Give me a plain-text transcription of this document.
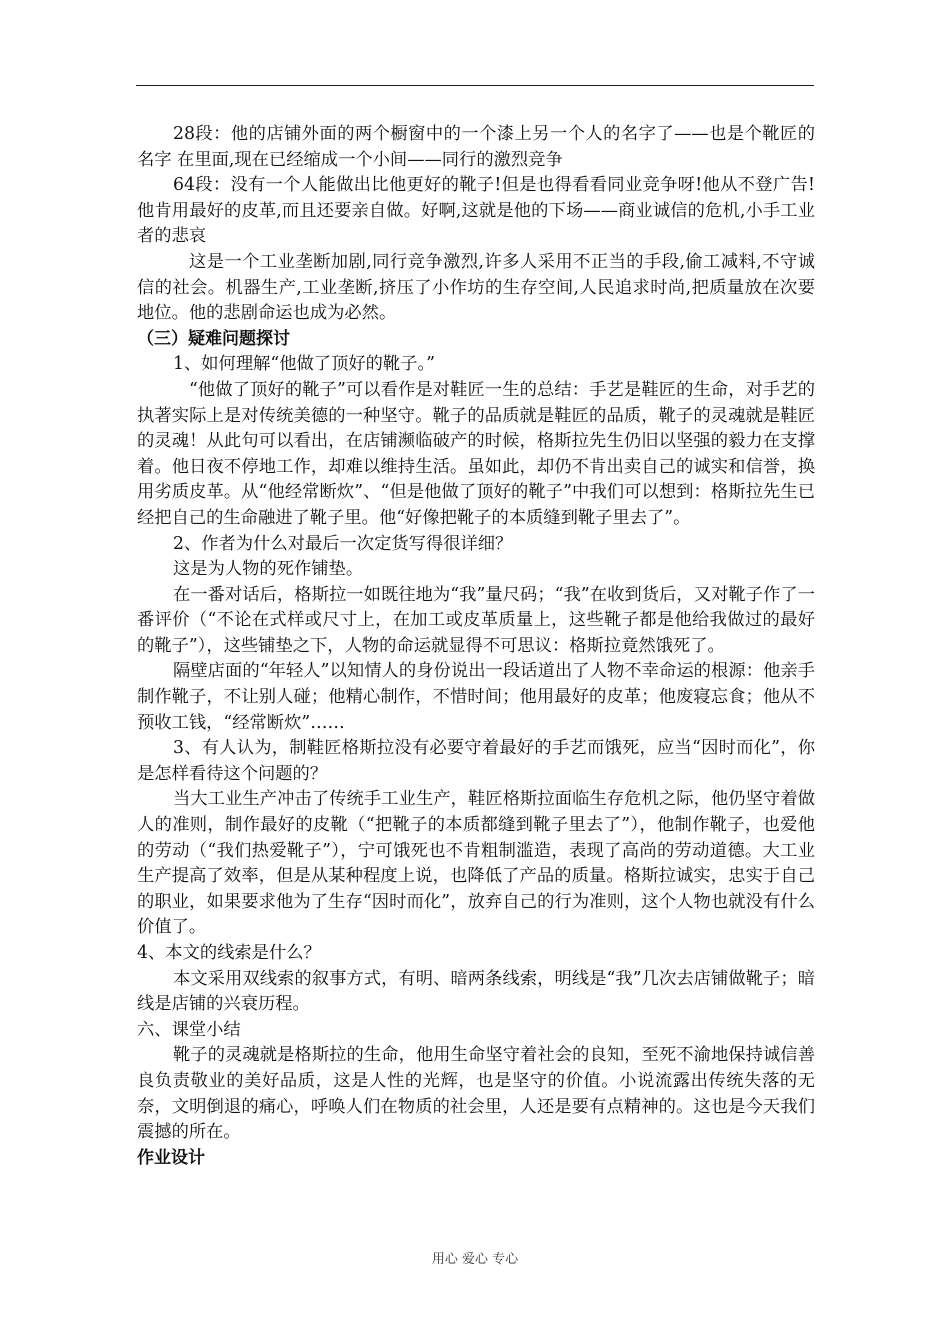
28段：他的店铺外面的两个橱窗中的一个漆上另一个人的名字了——也是个靴匠的名字 在里面,现在已经缩成一个小间——同行的激烈竞争

64段：没有一个人能做出比他更好的靴子!但是也得看看同业竞争呀!他从不登广告!他肯用最好的皮革,而且还要亲自做。好啊,这就是他的下场——商业诚信的危机,小手工业者的悲哀

这是一个工业垄断加剧,同行竞争激烈,许多人采用不正当的手段,偷工减料,不守诚信的社会。机器生产,工业垄断,挤压了小作坊的生存空间,人民追求时尚,把质量放在次要地位。他的悲剧命运也成为必然。

（三）疑难问题探讨

1、如何理解“他做了顶好的靴子。”

“他做了顶好的靴子”可以看作是对鞋匠一生的总结：手艺是鞋匠的生命，对手艺的执著实际上是对传统美德的一种坚守。靴子的品质就是鞋匠的品质，靴子的灵魂就是鞋匠的灵魂！从此句可以看出，在店铺濒临破产的时候，格斯拉先生仍旧以坚强的毅力在支撑着。他日夜不停地工作，却难以维持生活。虽如此，却仍不肯出卖自己的诚实和信誉，换用劣质皮革。从“他经常断炊”、“但是他做了顶好的靴子”中我们可以想到：格斯拉先生已经把自己的生命融进了靴子里。他“好像把靴子的本质缝到靴子里去了”。

2、作者为什么对最后一次定货写得很详细？

这是为人物的死作铺垫。

在一番对话后，格斯拉一如既往地为“我”量尺码；“我”在收到货后，又对靴子作了一番评价（“不论在式样或尺寸上，在加工或皮革质量上，这些靴子都是他给我做过的最好的靴子”），这些铺垫之下，人物的命运就显得不可思议：格斯拉竟然饿死了。

隔壁店面的“年轻人”以知情人的身份说出一段话道出了人物不幸命运的根源：他亲手制作靴子，不让别人碰；他精心制作，不惜时间；他用最好的皮革；他废寝忘食；他从不预收工钱，“经常断炊”……

3、有人认为，制鞋匠格斯拉没有必要守着最好的手艺而饿死，应当“因时而化”，你是怎样看待这个问题的？

当大工业生产冲击了传统手工业生产，鞋匠格斯拉面临生存危机之际，他仍坚守着做人的准则，制作最好的皮靴（“把靴子的本质都缝到靴子里去了”），他制作靴子，也爱他的劳动（“我们热爱靴子”），宁可饿死也不肯粗制滥造，表现了高尚的劳动道德。大工业生产提高了效率，但是从某种程度上说，也降低了产品的质量。格斯拉诚实，忠实于自己的职业，如果要求他为了生存“因时而化”，放弃自己的行为准则，这个人物也就没有什么价值了。

4、本文的线索是什么？

本文采用双线索的叙事方式，有明、暗两条线索，明线是“我”几次去店铺做靴子；暗线是店铺的兴衰历程。

六、课堂小结

靴子的灵魂就是格斯拉的生命，他用生命坚守着社会的良知，至死不渝地保持诚信善良负责敬业的美好品质，这是人性的光辉，也是坚守的价值。小说流露出传统失落的无奈，文明倒退的痛心，呼唤人们在物质的社会里，人还是要有点精神的。这也是今天我们震撼的所在。

作业设计

用心 爱心 专心
